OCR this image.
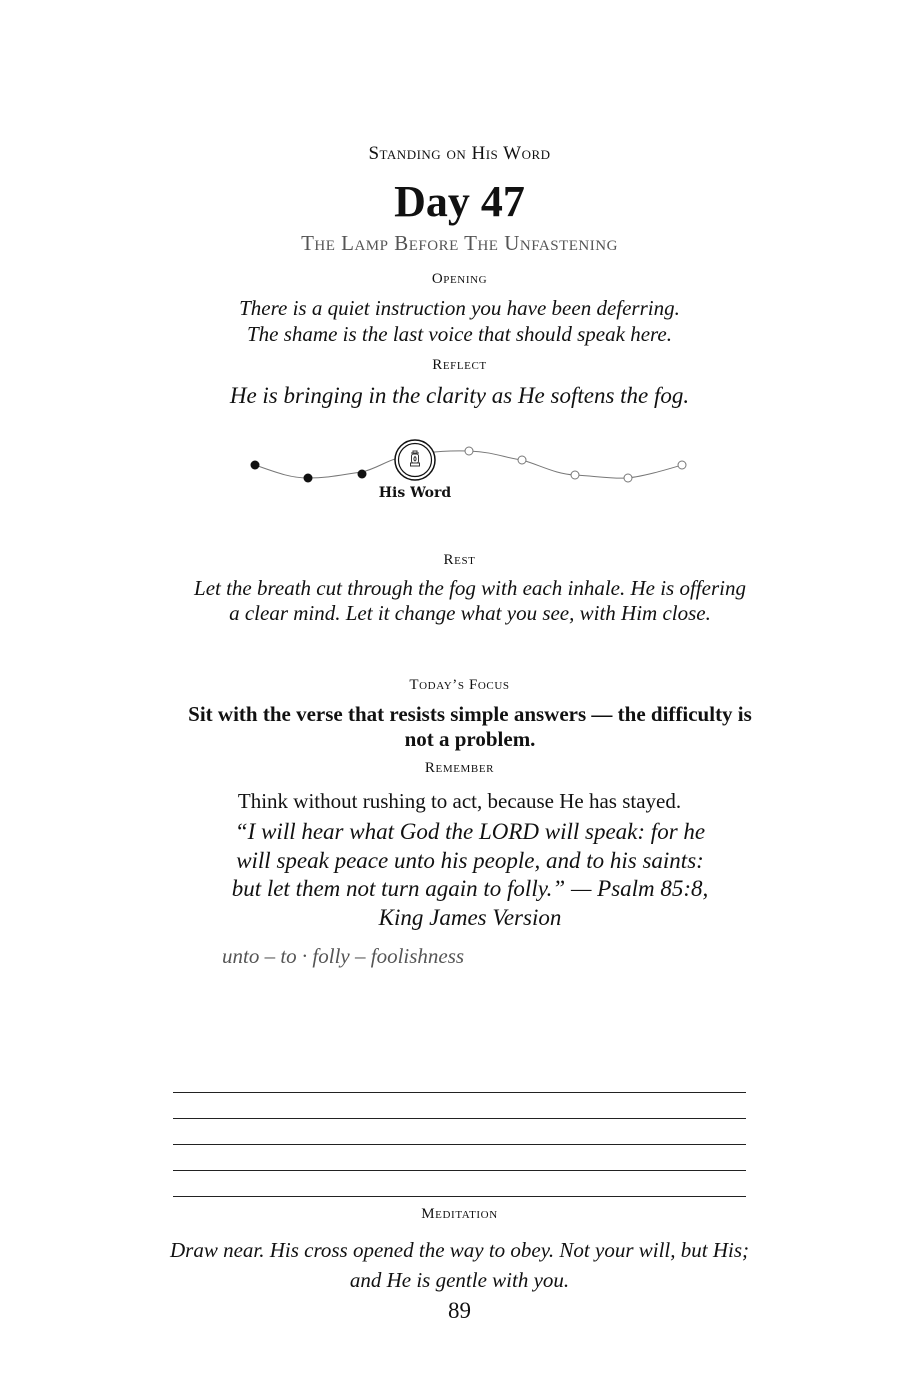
Standing on His Word
Day 47
The Lamp Before The Unfastening
Opening
There is a quiet instruction you have been deferring.
The shame is the last voice that should speak here.
Reflect
He is bringing in the clarity as He softens the fog.
His Word
Rest
Let the breath cut through the fog with each inhale. He is offering a clear mind. Let it change what you see, with Him close.
Today’s Focus
Sit with the verse that resists simple answers — the difficulty is not a problem.
Remember
Think without rushing to act, because He has stayed.
“I will hear what God the LORD will speak: for he will speak peace unto his people, and to his saints: but let them not turn again to folly.” — Psalm 85:8, King James Version
unto – to · folly – foolishness
Meditation
Draw near. His cross opened the way to obey. Not your will, but His; and He is gentle with you.
89
